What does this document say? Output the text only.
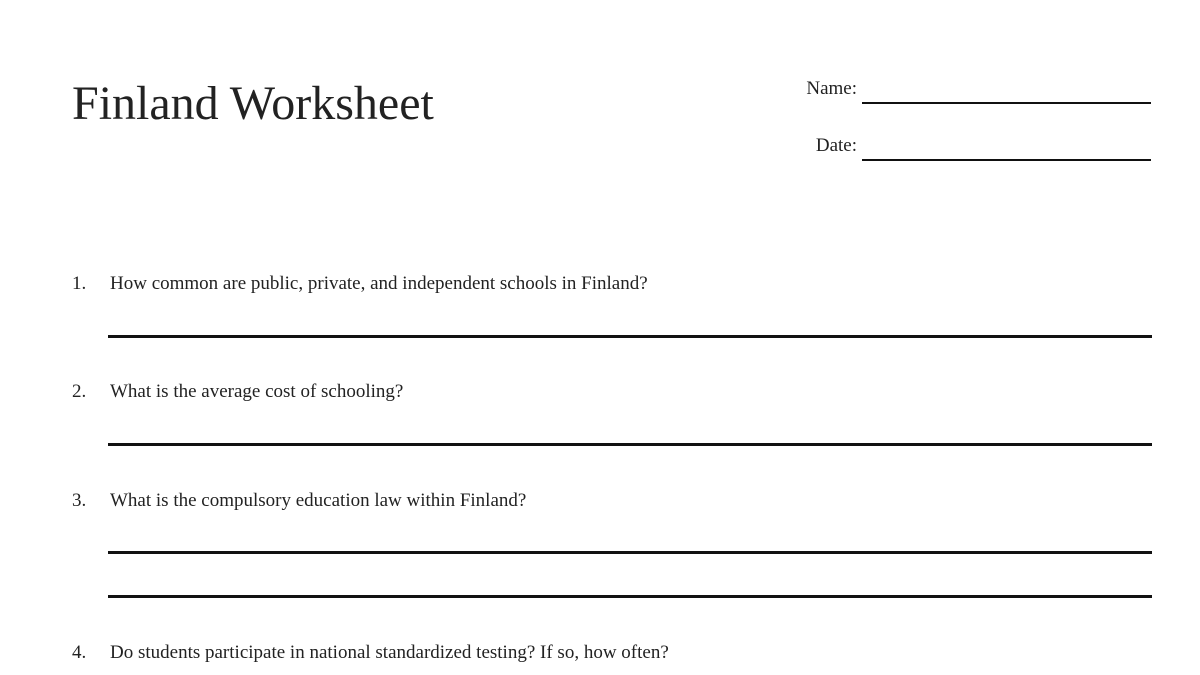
Finland Worksheet	Name:
Date:
1. How common are public, private, and independent schools in Finland?
2. What is the average cost of schooling?
3. What is the compulsory education law within Finland?
4. Do students participate in national standardized testing? If so, how often?
